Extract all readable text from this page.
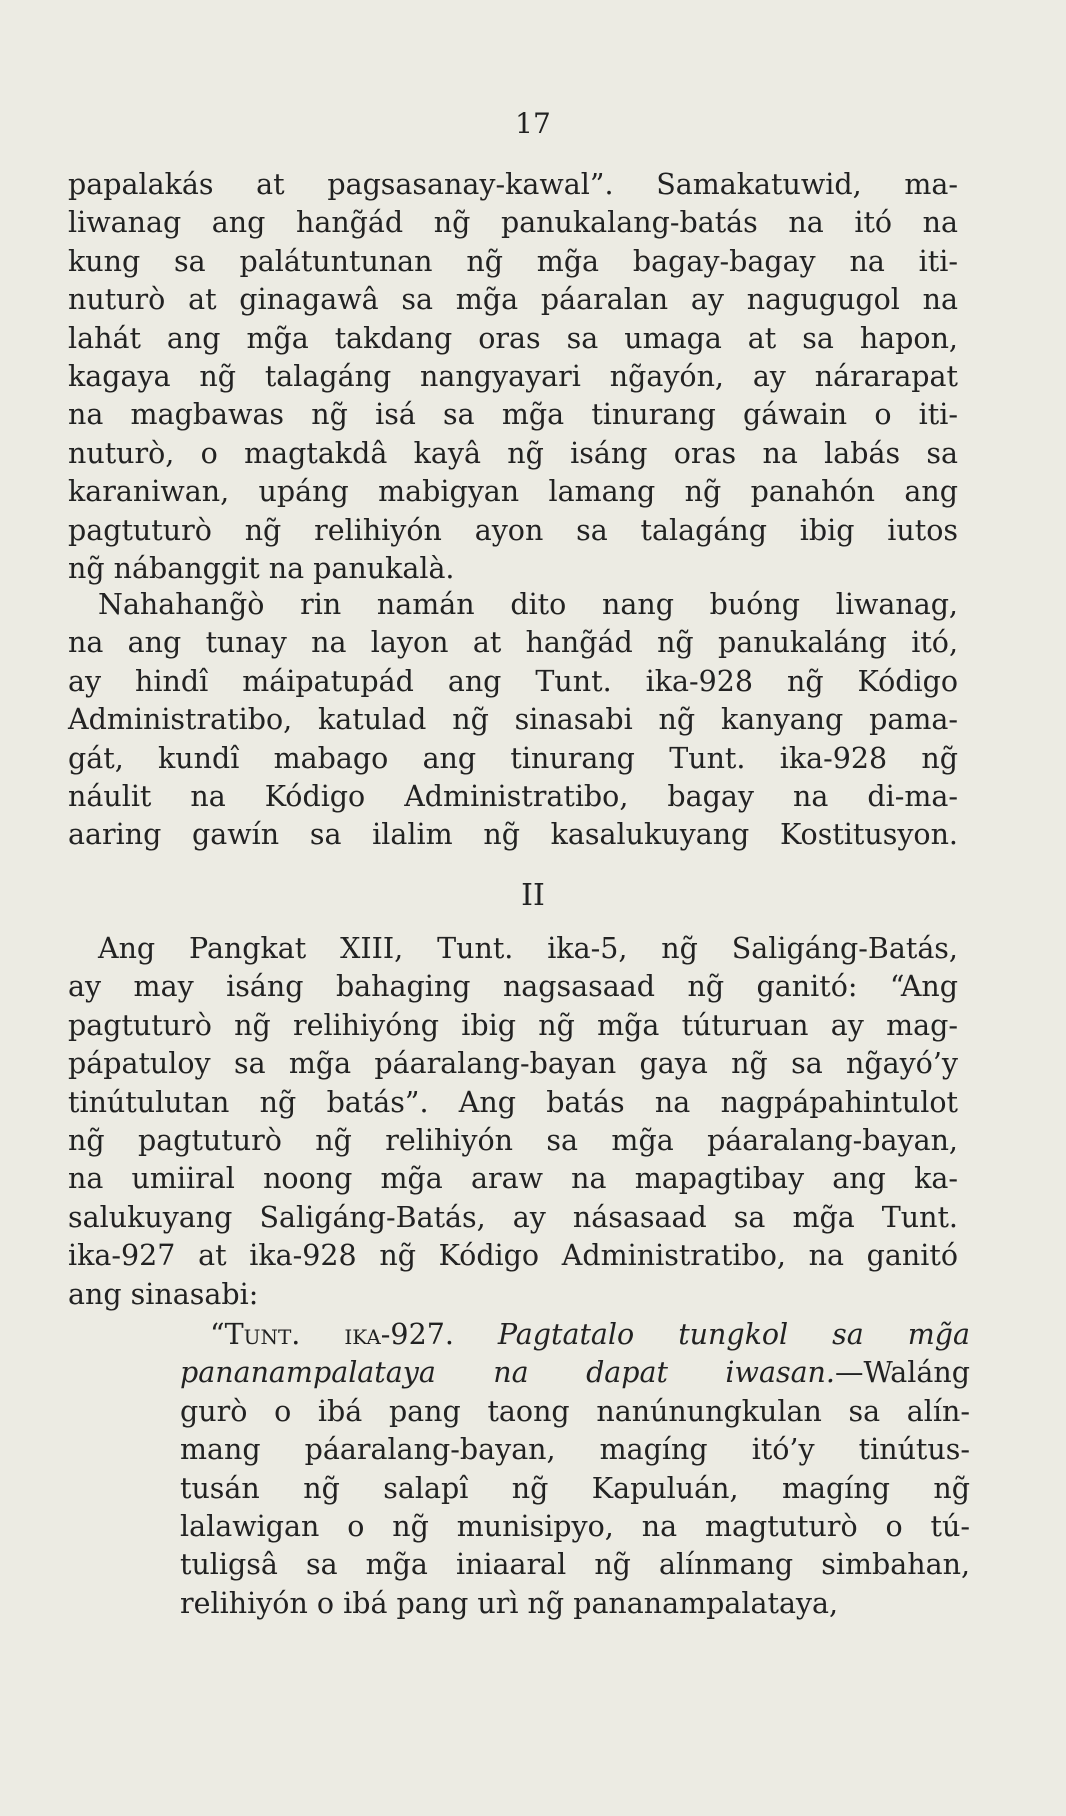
17
papalakás at pagsasanay-kawal”. Samakatuwid, ma-
liwanag ang hang̃ád ng̃ panukalang-batás na itó na
kung sa palátuntunan ng̃ mg̃a bagay-bagay na iti-
nuturò at ginagawâ sa mg̃a páaralan ay nagugugol na
lahát ang mg̃a takdang oras sa umaga at sa hapon,
kagaya ng̃ talagáng nangyayari ng̃ayón, ay nárarapat
na magbawas ng̃ isá sa mg̃a tinurang gáwain o iti-
nuturò, o magtakdâ kayâ ng̃ isáng oras na labás sa
karaniwan, upáng mabigyan lamang ng̃ panahón ang
pagtuturò ng̃ relihiyón ayon sa talagáng ibig iutos
ng̃ nábanggit na panukalà.
Nahahang̃ò rin namán dito nang buóng liwanag,
na ang tunay na layon at hang̃ád ng̃ panukaláng itó,
ay hindî máipatupád ang Tunt. ika-928 ng̃ Kódigo
Administratibo, katulad ng̃ sinasabi ng̃ kanyang pama-
gát, kundî mabago ang tinurang Tunt. ika-928 ng̃
náulit na Kódigo Administratibo, bagay na di-ma-
aaring gawín sa ilalim ng̃ kasalukuyang Kostitusyon.
II
Ang Pangkat XIII, Tunt. ika-5, ng̃ Saligáng-Batás,
ay may isáng bahaging nagsasaad ng̃ ganitó: “Ang
pagtuturò ng̃ relihiyóng ibig ng̃ mg̃a túturuan ay mag-
pápatuloy sa mg̃a páaralang-bayan gaya ng̃ sa ng̃ayó’y
tinútulutan ng̃ batás”. Ang batás na nagpápahintulot
ng̃ pagtuturò ng̃ relihiyón sa mg̃a páaralang-bayan,
na umiiral noong mg̃a araw na mapagtibay ang ka-
salukuyang Saligáng-Batás, ay násasaad sa mg̃a Tunt.
ika-927 at ika-928 ng̃ Kódigo Administratibo, na ganitó
ang sinasabi:
“Tunt. ika-927. Pagtatalo tungkol sa mg̃a
pananampalataya na dapat iwasan.—Waláng
gurò o ibá pang taong nanúnungkulan sa alín-
mang páaralang-bayan, magíng itó’y tinútus-
tusán ng̃ salapî ng̃ Kapuluán, magíng ng̃
lalawigan o ng̃ munisipyo, na magtuturò o tú-
tuligsâ sa mg̃a iniaaral ng̃ alínmang simbahan,
relihiyón o ibá pang urì ng̃ pananampalataya,
